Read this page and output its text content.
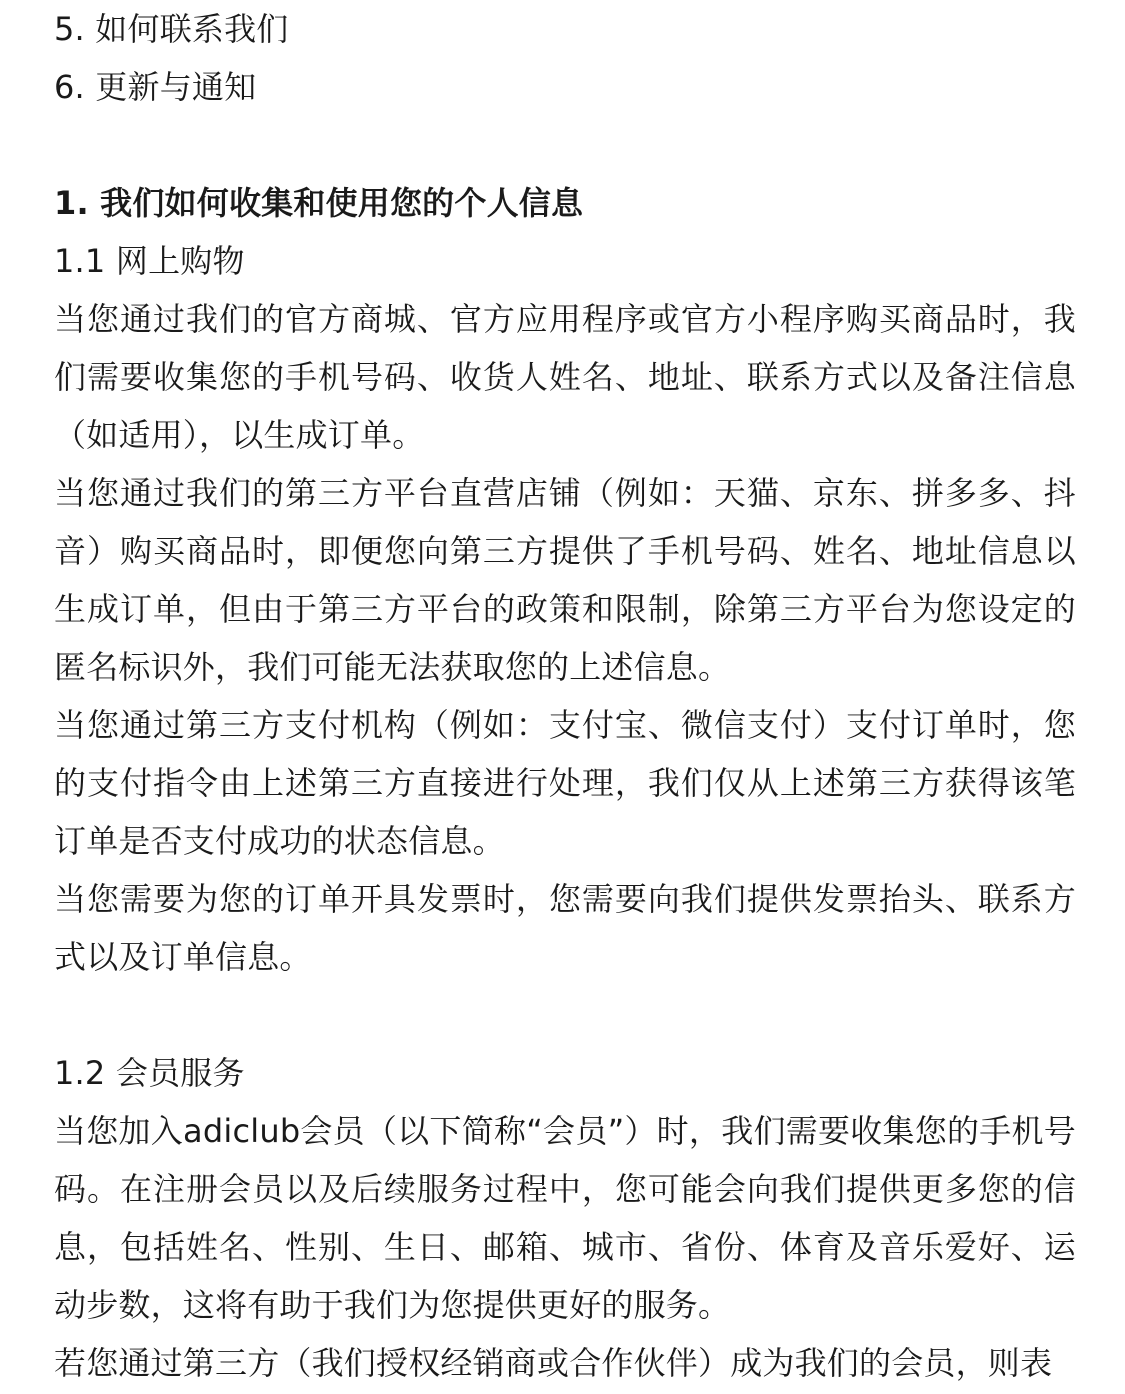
5. 如何联系我们
6. 更新与通知
1. 我们如何收集和使用您的个人信息
1.1 网上购物

当您通过我们的官方商城、官方应用程序或官方小程序购买商品时，我们需要收集您的手机号码、收货人姓名、地址、联系方式以及备注信息（如适用），以生成订单。

当您通过我们的第三方平台直营店铺（例如：天猫、京东、拼多多、抖音）购买商品时，即便您向第三方提供了手机号码、姓名、地址信息以生成订单，但由于第三方平台的政策和限制，除第三方平台为您设定的匿名标识外，我们可能无法获取您的上述信息。

当您通过第三方支付机构（例如：支付宝、微信支付）支付订单时，您的支付指令由上述第三方直接进行处理，我们仅从上述第三方获得该笔订单是否支付成功的状态信息。

当您需要为您的订单开具发票时，您需要向我们提供发票抬头、联系方式以及订单信息。

1.2 会员服务

当您加入adiclub会员（以下简称“会员”）时，我们需要收集您的手机号码。在注册会员以及后续服务过程中，您可能会向我们提供更多您的信息，包括姓名、性别、生日、邮箱、城市、省份、体育及音乐爱好、运动步数，这将有助于我们为您提供更好的服务。

若您通过第三方（我们授权经销商或合作伙伴）成为我们的会员，则表
